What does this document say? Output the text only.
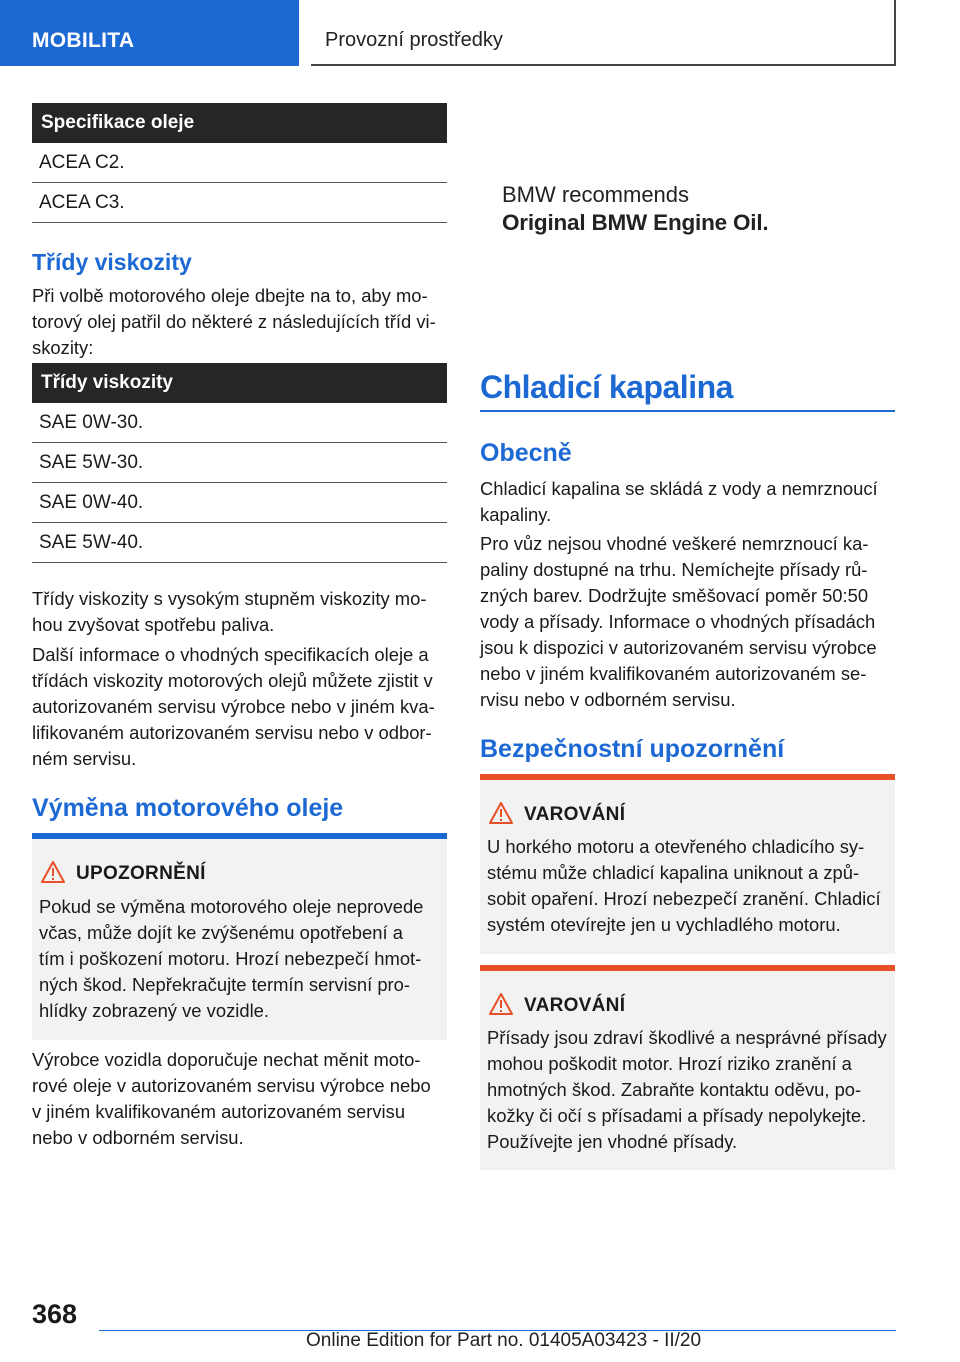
MOBILITA	Provozní prostředky
Specifikace oleje
ACEA C2.
ACEA C3.
Třídy viskozity
Při volbě motorového oleje dbejte na to, aby mo-
torový olej patřil do některé z následujících tříd vi-
skozity:
Třídy viskozity
SAE 0W-30.
SAE 5W-30.
SAE 0W-40.
SAE 5W-40.
Třídy viskozity s vysokým stupněm viskozity mo-
hou zvyšovat spotřebu paliva.
Další informace o vhodných specifikacích oleje a
třídách viskozity motorových olejů můžete zjistit v
autorizovaném servisu výrobce nebo v jiném kva-
lifikovaném autorizovaném servisu nebo v odbor-
ném servisu.
Výměna motorového oleje
UPOZORNĚNÍ
Pokud se výměna motorového oleje neprovede
včas, může dojít ke zvýšenému opotřebení a
tím i poškození motoru. Hrozí nebezpečí hmot-
ných škod. Nepřekračujte termín servisní pro-
hlídky zobrazený ve vozidle.
Výrobce vozidla doporučuje nechat měnit moto-
rové oleje v autorizovaném servisu výrobce nebo
v jiném kvalifikovaném autorizovaném servisu
nebo v odborném servisu.
BMW recommends
Original BMW Engine Oil.
Chladicí kapalina
Obecně
Chladicí kapalina se skládá z vody a nemrznoucí
kapaliny.
Pro vůz nejsou vhodné veškeré nemrznoucí ka-
paliny dostupné na trhu. Nemíchejte přísady rů-
zných barev. Dodržujte směšovací poměr 50:50
vody a přísady. Informace o vhodných přísadách
jsou k dispozici v autorizovaném servisu výrobce
nebo v jiném kvalifikovaném autorizovaném se-
rvisu nebo v odborném servisu.
Bezpečnostní upozornění
VAROVÁNÍ
U horkého motoru a otevřeného chladicího sy-
stému může chladicí kapalina uniknout a způ-
sobit opaření. Hrozí nebezpečí zranění. Chladicí
systém otevírejte jen u vychladlého motoru.
VAROVÁNÍ
Přísady jsou zdraví škodlivé a nesprávné přísady
mohou poškodit motor. Hrozí riziko zranění a
hmotných škod. Zabraňte kontaktu oděvu, po-
kožky či očí s přísadami a přísady nepolykejte.
Používejte jen vhodné přísady.
368
Online Edition for Part no. 01405A03423 - II/20
